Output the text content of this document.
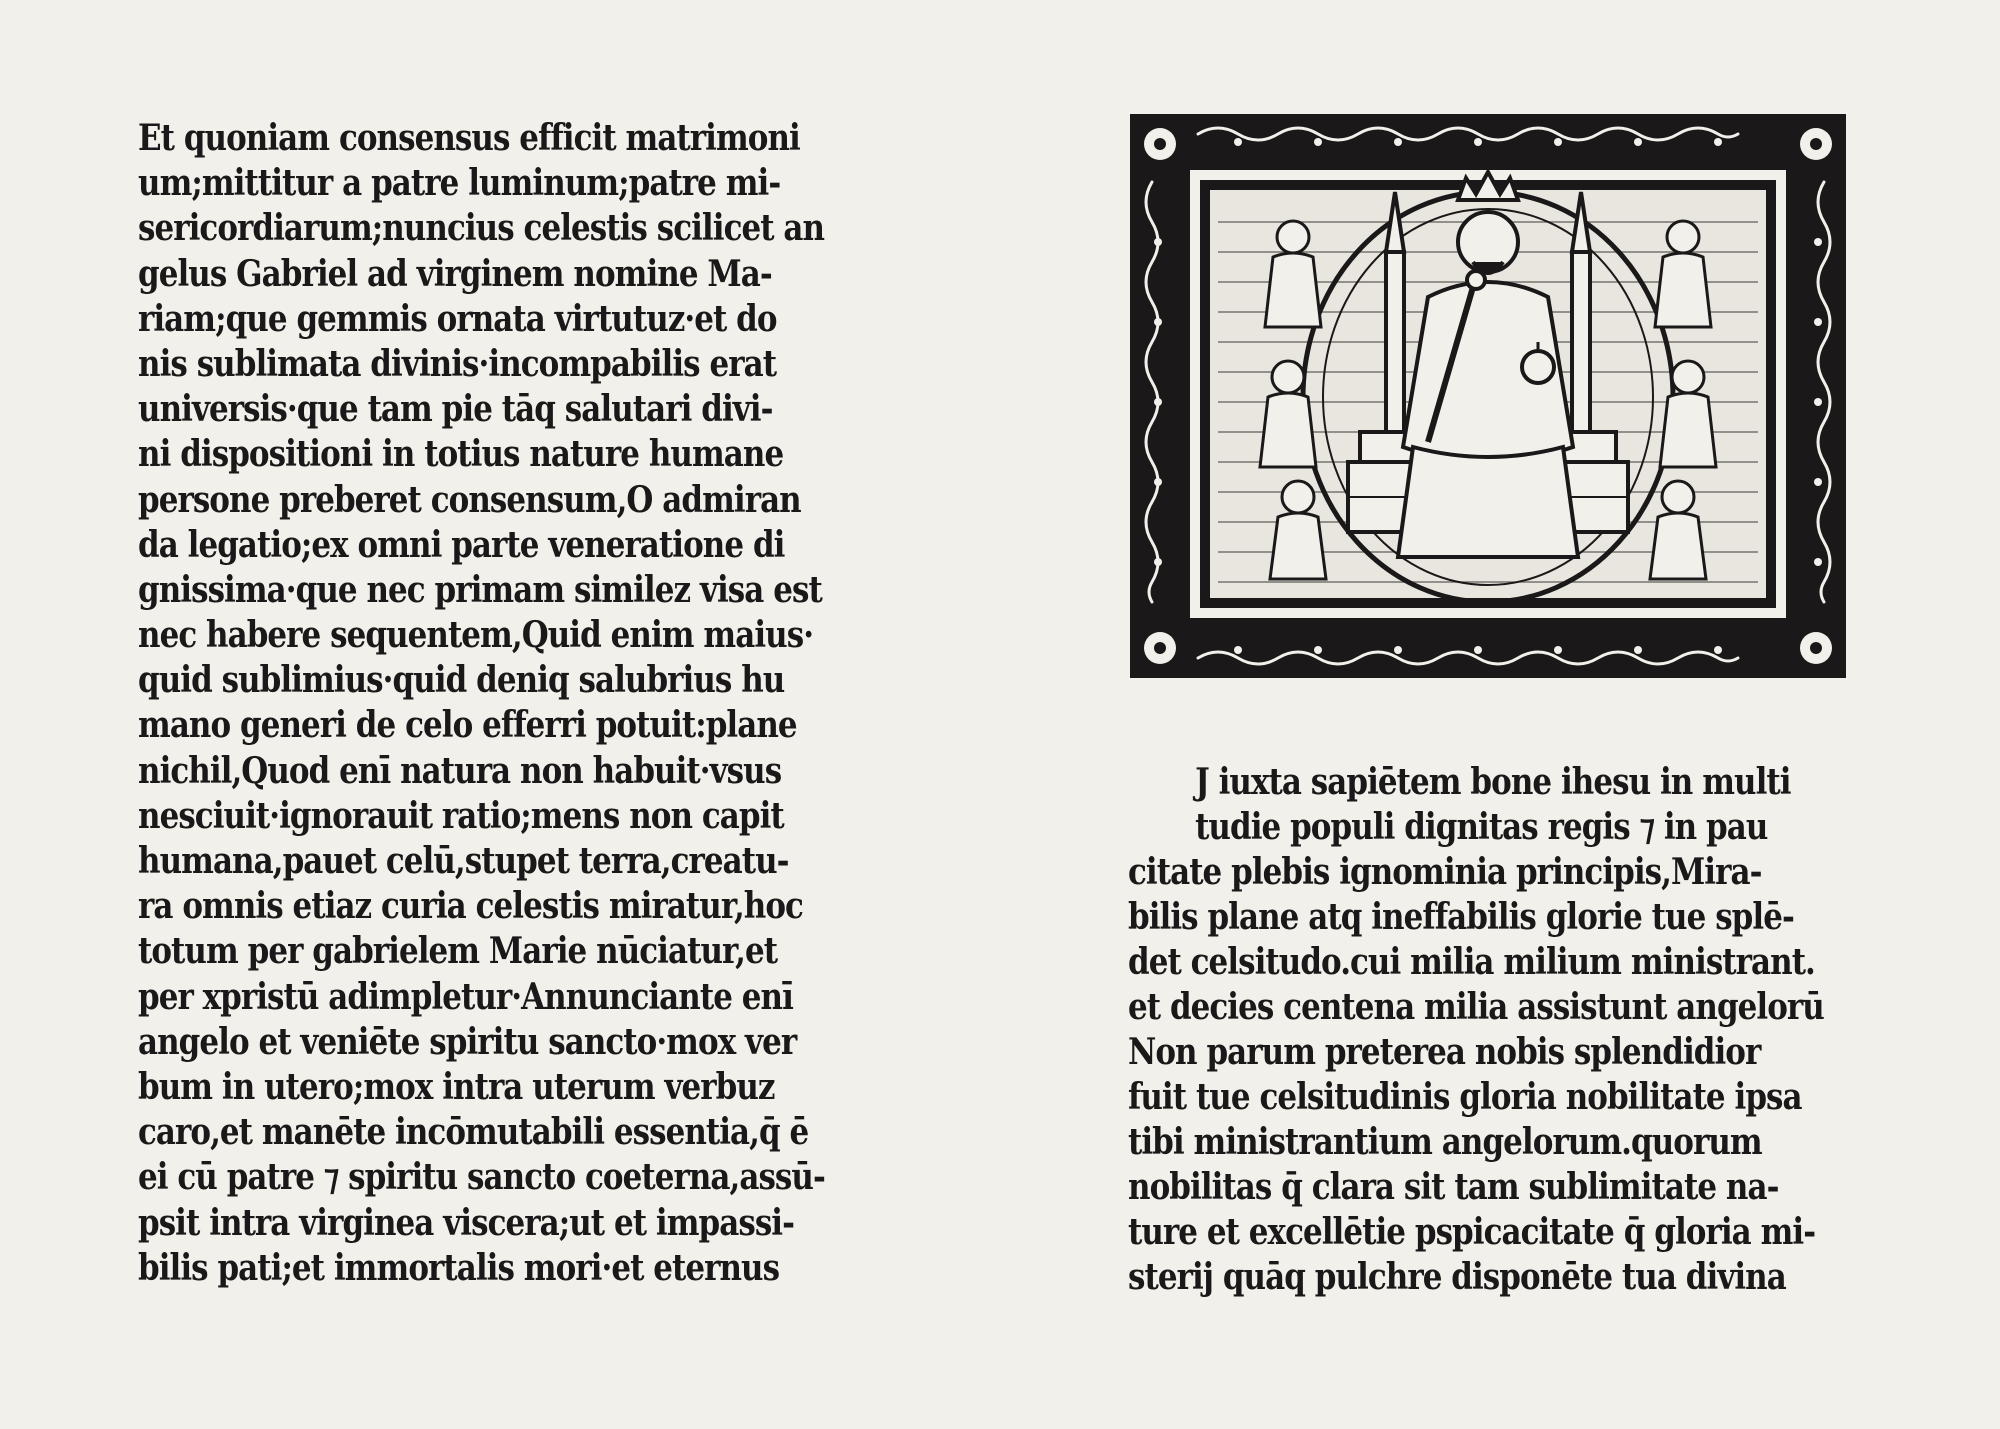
Et quoniam consensus efficit matrimoni
um;mittitur a patre luminum;patre mi-
sericordiarum;nuncius celestis scilicet an
gelus Gabriel ad virginem nomine Ma-
riam;que gemmis ornata virtutuz·et do
nis sublimata divinis·incompabilis erat
universis·que tam pie tāq salutari divi-
ni dispositioni in totius nature humane
persone preberet consensum,O admiran
da legatio;ex omni parte veneratione di
gnissima·que nec primam similez visa est
nec habere sequentem,Quid enim maius·
quid sublimius·quid deniq salubrius hu
mano generi de celo efferri potuit:plane
nichil,Quod enī natura non habuit·vsus
nesciuit·ignorauit ratio;mens non capit
humana,pauet celū,stupet terra,creatu-
ra omnis etiaz curia celestis miratur,hoc
totum per gabrielem Marie nūciatur,et
per xpristū adimpletur·Annunciante enī
angelo et veniēte spiritu sancto·mox ver
bum in utero;mox intra uterum verbuz
caro,et manēte incōmutabili essentia,q̄ ē
ei cū patre ⁊ spiritu sancto coeterna,assū-
psit intra virginea viscera;ut et impassi-
bilis pati;et immortalis mori·et eternus
J iuxta sapiētem bone ihesu in multi
tudie populi dignitas regis ⁊ in pau
citate plebis ignominia principis,Mira-
bilis plane atq ineffabilis glorie tue splē-
det celsitudo.cui milia milium ministrant.
et decies centena milia assistunt angelorū
Non parum preterea nobis splendidior
fuit tue celsitudinis gloria nobilitate ipsa
tibi ministrantium angelorum.quorum
nobilitas q̄ clara sit tam sublimitate na-
ture et excellētie pspicacitate q̄ gloria mi-
sterij quāq pulchre disponēte tua divina
